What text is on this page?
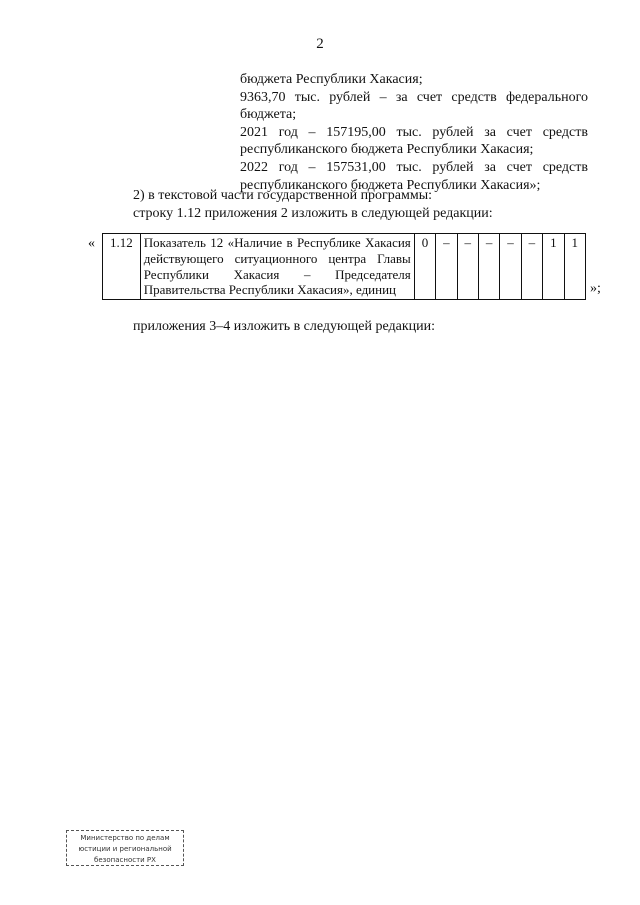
2

бюджета Республики Хакасия;

9363,70 тыс. рублей – за счет средств федерального бюджета;

2021 год – 157195,00 тыс. рублей за счет средств республиканского бюджета Республики Хакасия;

2022 год – 157531,00 тыс. рублей за счет средств республиканского бюджета Республики Хакасия»;

2) в текстовой части государственной программы:

строку 1.12 приложения 2 изложить в следующей редакции:

« 1.12	Показатель 12 «Наличие в Республике Хакасия действующего ситуационного центра Главы Республики Хакасия – Председателя Правительства Республики Хакасия», единиц	0	–	–	–	–	–	1	1
»;

приложения 3–4 изложить в следующей редакции:

Министерство по делам
юстиции и региональной
безопасности РХ
